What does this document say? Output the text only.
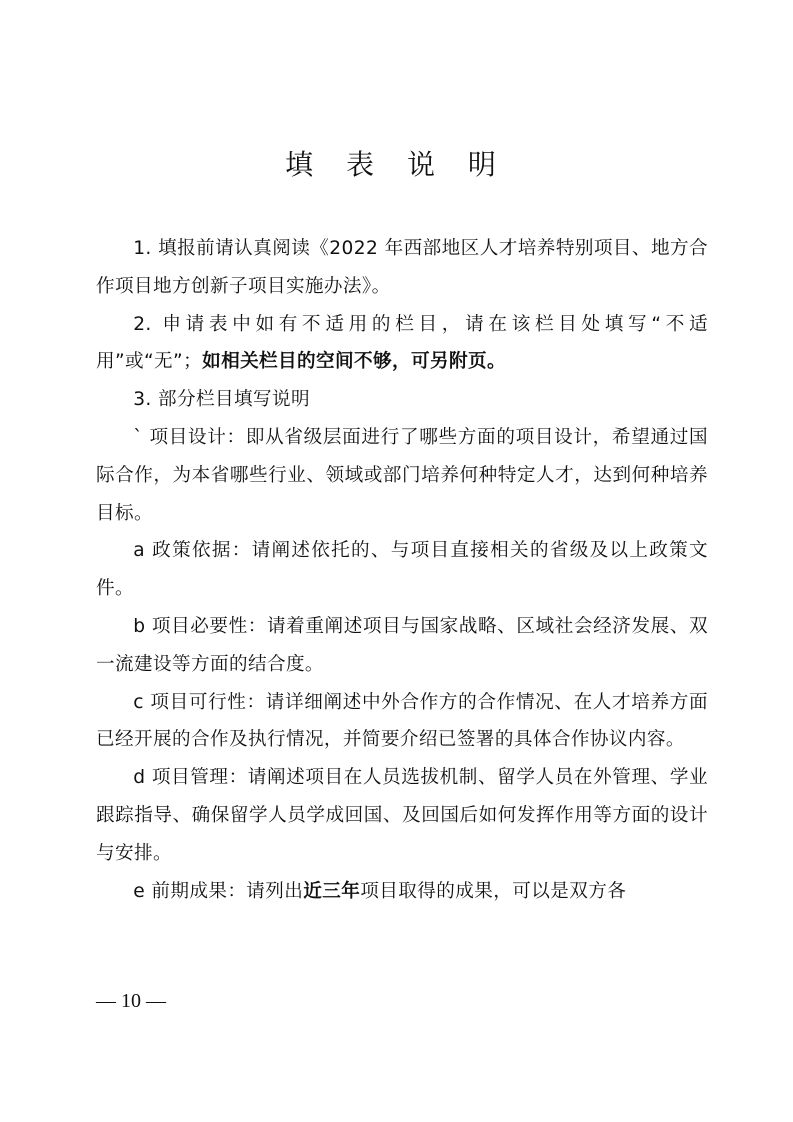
填 表 说 明

1. 填报前请认真阅读《2022 年西部地区人才培养特别项目、地方合作项目地方创新子项目实施办法》。

2. 申请表中如有不适用的栏目，请在该栏目处填写“不适用”或“无”；如相关栏目的空间不够，可另附页。

3. 部分栏目填写说明

` 项目设计：即从省级层面进行了哪些方面的项目设计，希望通过国际合作，为本省哪些行业、领域或部门培养何种特定人才，达到何种培养目标。

a 政策依据：请阐述依托的、与项目直接相关的省级及以上政策文件。

b 项目必要性：请着重阐述项目与国家战略、区域社会经济发展、双一流建设等方面的结合度。

c 项目可行性：请详细阐述中外合作方的合作情况、在人才培养方面已经开展的合作及执行情况，并简要介绍已签署的具体合作协议内容。

d 项目管理：请阐述项目在人员选拔机制、留学人员在外管理、学业跟踪指导、确保留学人员学成回国、及回国后如何发挥作用等方面的设计与安排。

e 前期成果：请列出近三年项目取得的成果，可以是双方各

— 10 —
